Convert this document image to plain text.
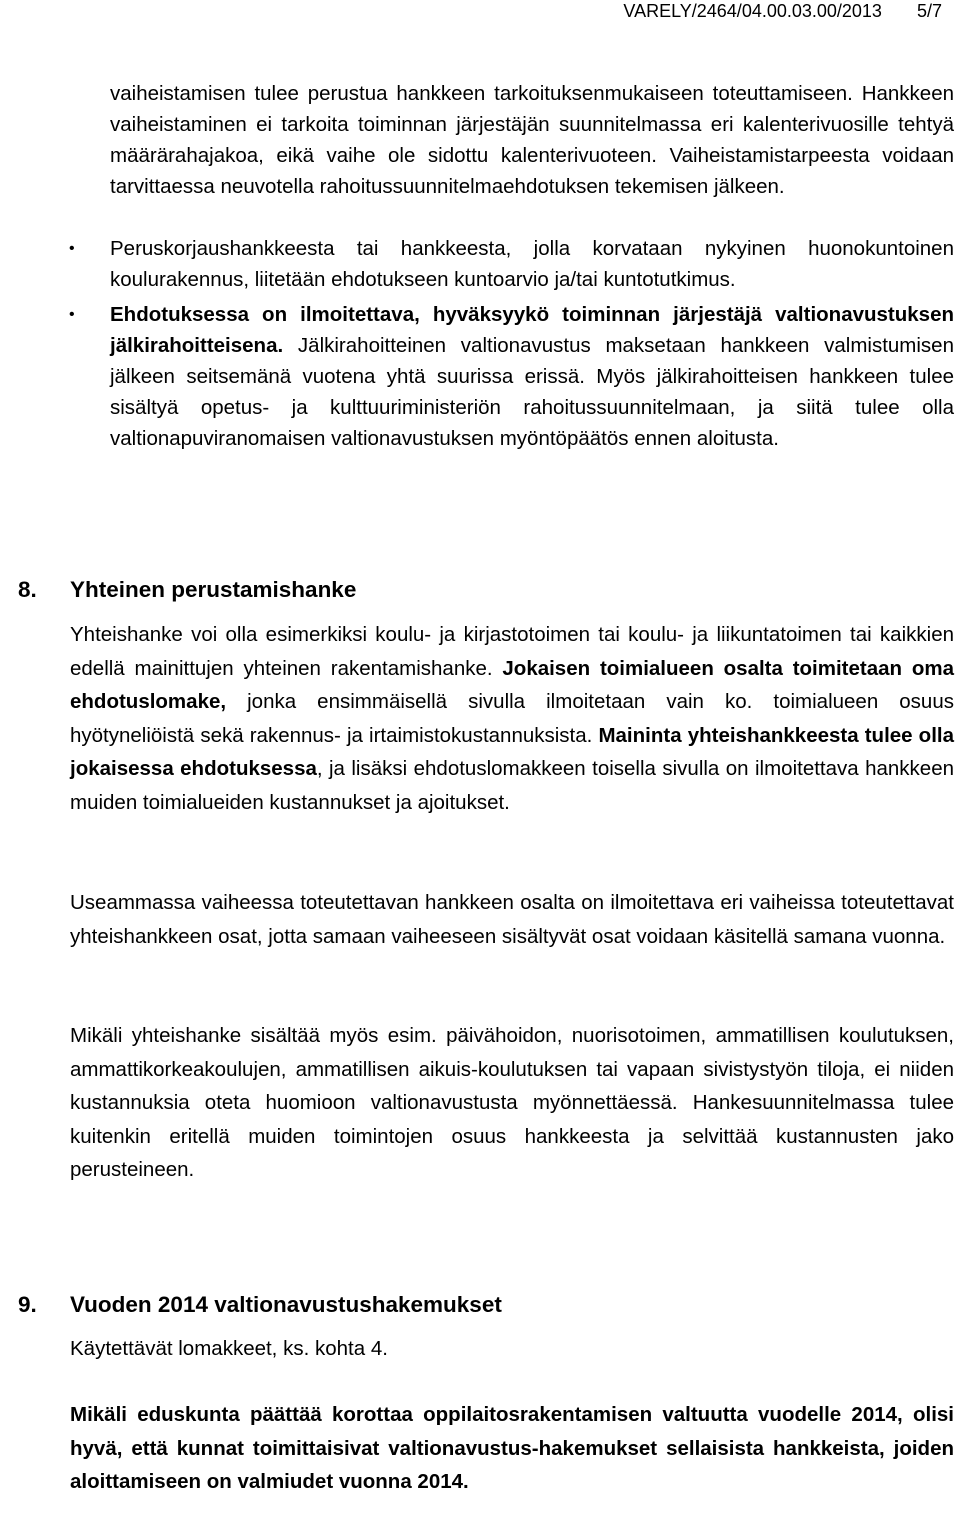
VARELY/2464/04.00.03.00/2013 5/7

vaiheistamisen tulee perustua hankkeen tarkoituksenmukaiseen toteuttamiseen. Hankkeen vaiheistaminen ei tarkoita toiminnan järjestäjän suunnitelmassa eri kalenterivuosille tehtyä määrärahajakoa, eikä vaihe ole sidottu kalenterivuoteen. Vaiheistamistarpeesta voidaan tarvittaessa neuvotella rahoitussuunnitelmaehdotuksen tekemisen jälkeen.

• Peruskorjaushankkeesta tai hankkeesta, jolla korvataan nykyinen huonokuntoinen koulurakennus, liitetään ehdotukseen kuntoarvio ja/tai kuntotutkimus.

• Ehdotuksessa on ilmoitettava, hyväksyykö toiminnan järjestäjä valtionavustuksen jälkirahoitteisena. Jälkirahoitteinen valtionavustus maksetaan hankkeen valmistumisen jälkeen seitsemänä vuotena yhtä suurissa erissä. Myös jälkirahoitteisen hankkeen tulee sisältyä opetus- ja kulttuuriministeriön rahoitussuunnitelmaan, ja siitä tulee olla valtionapuviranomaisen valtionavustuksen myöntöpäätös ennen aloitusta.

8. Yhteinen perustamishanke

Yhteishanke voi olla esimerkiksi koulu- ja kirjastotoimen tai koulu- ja liikuntatoimen tai kaikkien edellä mainittujen yhteinen rakentamishanke. Jokaisen toimialueen osalta toimitetaan oma ehdotuslomake, jonka ensimmäisellä sivulla ilmoitetaan vain ko. toimialueen osuus hyötyneliöistä sekä rakennus- ja irtaimistokustannuksista. Maininta yhteishankkeesta tulee olla jokaisessa ehdotuksessa, ja lisäksi ehdotuslomakkeen toisella sivulla on ilmoitettava hankkeen muiden toimialueiden kustannukset ja ajoitukset.

Useammassa vaiheessa toteutettavan hankkeen osalta on ilmoitettava eri vaiheissa toteutettavat yhteishankkeen osat, jotta samaan vaiheeseen sisältyvät osat voidaan käsitellä samana vuonna.

Mikäli yhteishanke sisältää myös esim. päivähoidon, nuorisotoimen, ammatillisen koulutuksen, ammattikorkeakoulujen, ammatillisen aikuis-koulutuksen tai vapaan sivistystyön tiloja, ei niiden kustannuksia oteta huomioon valtionavustusta myönnettäessä. Hankesuunnitelmassa tulee kuitenkin eritellä muiden toimintojen osuus hankkeesta ja selvittää kustannusten jako perusteineen.

9. Vuoden 2014 valtionavustushakemukset

Käytettävät lomakkeet, ks. kohta 4.

Mikäli eduskunta päättää korottaa oppilaitosrakentamisen valtuutta vuodelle 2014, olisi hyvä, että kunnat toimittaisivat valtionavustus-hakemukset sellaisista hankkeista, joiden aloittamiseen on valmiudet vuonna 2014.
